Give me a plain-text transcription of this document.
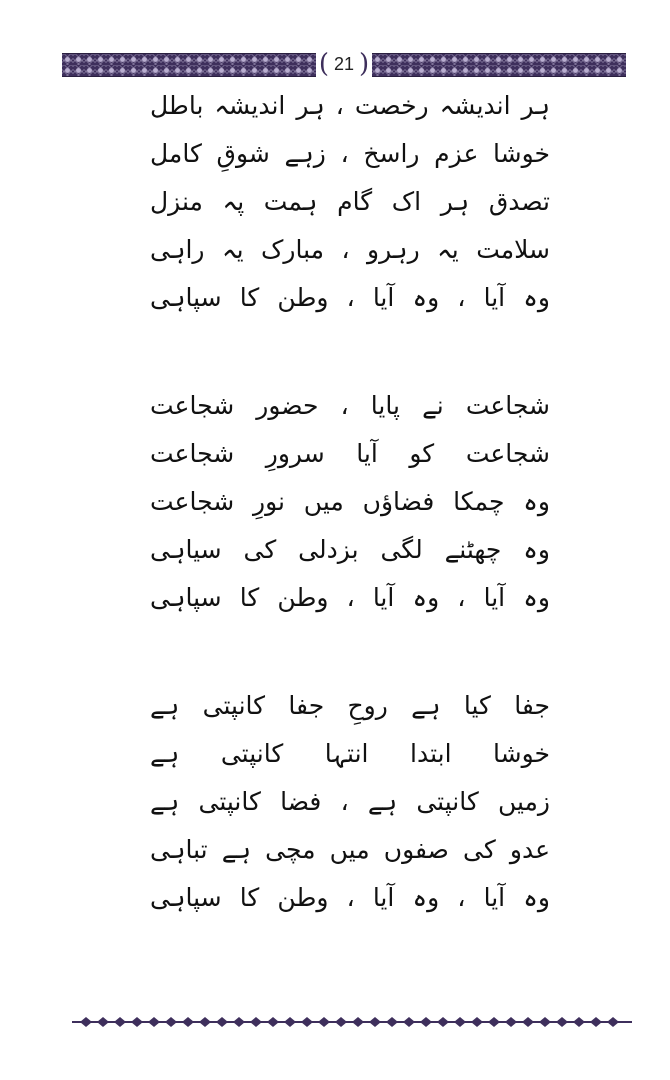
( 21 )
ہر اندیشہ رخصت ، ہر اندیشہ باطل
خوشا عزم راسخ ، زہے شوقِ کامل
تصدق ہر اک گام ہمت پہ منزل
سلامت یہ رہرو ، مبارک یہ راہی
وہ آیا ، وہ آیا ، وطن کا سپاہی
شجاعت نے پایا ، حضور شجاعت
شجاعت کو آیا سرورِ شجاعت
وہ چمکا فضاؤں میں نورِ شجاعت
وہ چھٹنے لگی بزدلی کی سیاہی
وہ آیا ، وہ آیا ، وطن کا سپاہی
جفا کیا ہے روحِ جفا کانپتی ہے
خوشا ابتدا انتہا کانپتی ہے
زمیں کانپتی ہے ، فضا کانپتی ہے
عدو کی صفوں میں مچی ہے تباہی
وہ آیا ، وہ آیا ، وطن کا سپاہی
